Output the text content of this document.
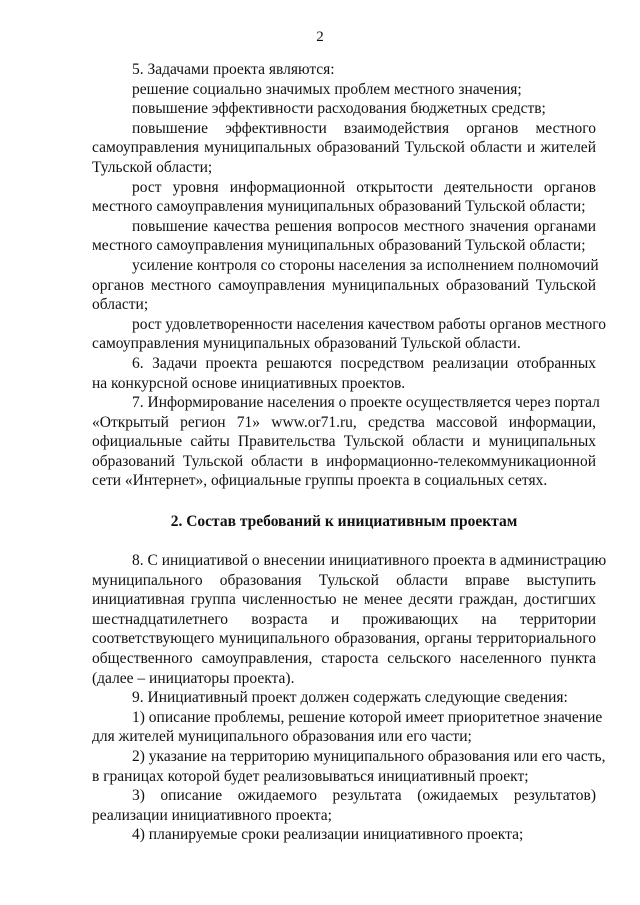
2
5. Задачами проекта являются:
решение социально значимых проблем местного значения;
повышение эффективности расходования бюджетных средств;
повышение эффективности взаимодействия органов местного
самоуправления муниципальных образований Тульской области и жителей
Тульской области;
рост уровня информационной открытости деятельности органов
местного самоуправления муниципальных образований Тульской области;
повышение качества решения вопросов местного значения органами
местного самоуправления муниципальных образований Тульской области;
усиление контроля со стороны населения за исполнением полномочий
органов местного самоуправления муниципальных образований Тульской
области;
рост удовлетворенности населения качеством работы органов местного
самоуправления муниципальных образований Тульской области.
6. Задачи проекта решаются посредством реализации отобранных
на конкурсной основе инициативных проектов.
7. Информирование населения о проекте осуществляется через портал
«Открытый регион 71» www.or71.ru, средства массовой информации,
официальные сайты Правительства Тульской области и муниципальных
образований Тульской области в информационно-телекоммуникационной
сети «Интернет», официальные группы проекта в социальных сетях.
2. Состав требований к инициативным проектам
8. С инициативой о внесении инициативного проекта в администрацию
муниципального образования Тульской области вправе выступить
инициативная группа численностью не менее десяти граждан, достигших
шестнадцатилетнего возраста и проживающих на территории
соответствующего муниципального образования, органы территориального
общественного самоуправления, староста сельского населенного пункта
(далее – инициаторы проекта).
9. Инициативный проект должен содержать следующие сведения:
1) описание проблемы, решение которой имеет приоритетное значение
для жителей муниципального образования или его части;
2) указание на территорию муниципального образования или его часть,
в границах которой будет реализовываться инициативный проект;
3) описание ожидаемого результата (ожидаемых результатов)
реализации инициативного проекта;
4) планируемые сроки реализации инициативного проекта;
